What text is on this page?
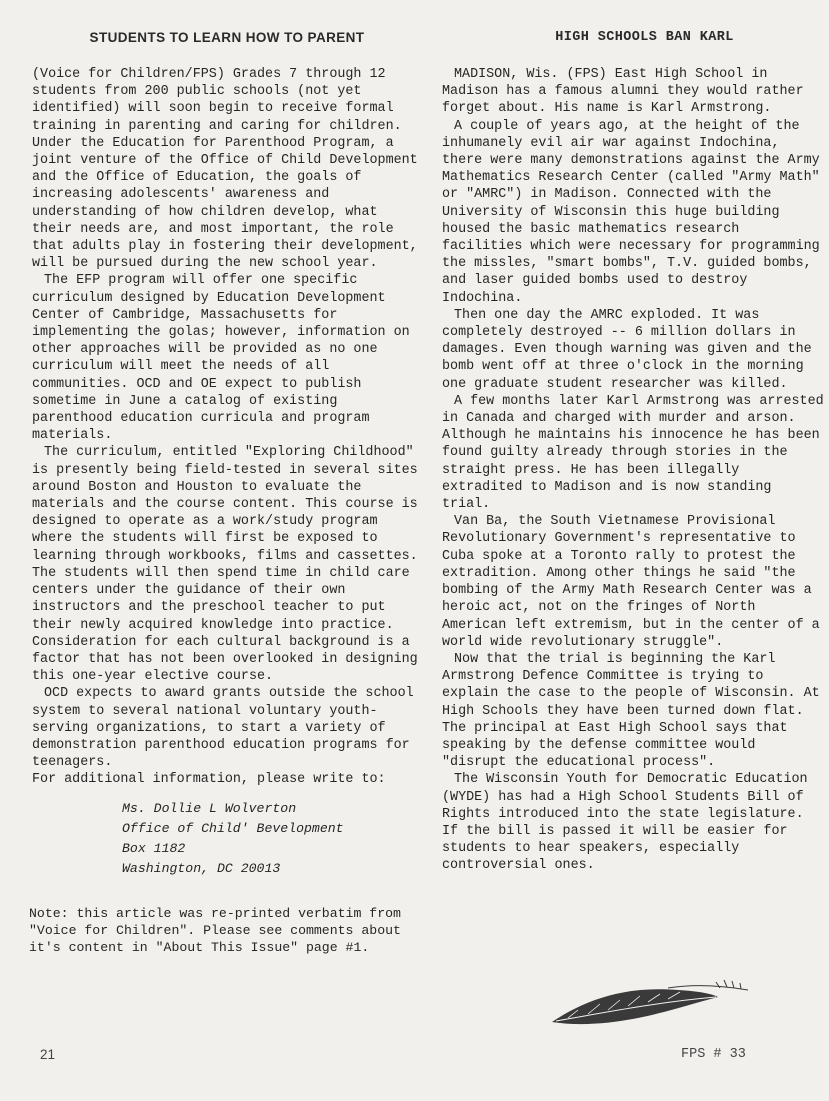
STUDENTS TO LEARN HOW TO PARENT

(Voice for Children/FPS) Grades 7 through 12 students from 200 public schools (not yet identified) will soon begin to receive formal training in parenting and caring for children. Under the Education for Parenthood Program, a joint venture of the Office of Child Development and the Office of Education, the goals of increasing adolescents' awareness and understanding of how children develop, what their needs are, and most important, the role that adults play in fostering their development, will be pursued during the new school year.

The EFP program will offer one specific curriculum designed by Education Development Center of Cambridge, Massachusetts for implementing the golas; however, information on other approaches will be provided as no one curriculum will meet the needs of all communities. OCD and OE expect to publish sometime in June a catalog of existing parenthood education curricula and program materials.

The curriculum, entitled "Exploring Childhood" is presently being field-tested in several sites around Boston and Houston to evaluate the materials and the course content. This course is designed to operate as a work/study program where the students will first be exposed to learning through workbooks, films and cassettes. The students will then spend time in child care centers under the guidance of their own instructors and the preschool teacher to put their newly acquired knowledge into practice. Consideration for each cultural background is a factor that has not been overlooked in designing this one-year elective course.

OCD expects to award grants outside the school system to several national voluntary youth-serving organizations, to start a variety of demonstration parenthood education programs for teenagers.

For additional information, please write to:

Ms. Dollie L Wolverton
Office of Child' Bevelopment
Box 1182
Washington, DC 20013

Note: this article was re-printed verbatim from "Voice for Children". Please see comments about it's content in "About This Issue" page #1.

HIGH SCHOOLS BAN KARL

MADISON, Wis. (FPS) East High School in Madison has a famous alumni they would rather forget about. His name is Karl Armstrong.

A couple of years ago, at the height of the inhumanely evil air war against Indochina, there were many demonstrations against the Army Mathematics Research Center (called "Army Math" or "AMRC") in Madison. Connected with the University of Wisconsin this huge building housed the basic mathematics research facilities which were necessary for programming the missles, "smart bombs", T.V. guided bombs, and laser guided bombs used to destroy Indochina.

Then one day the AMRC exploded. It was completely destroyed -- 6 million dollars in damages. Even though warning was given and the bomb went off at three o'clock in the morning one graduate student researcher was killed.

A few months later Karl Armstrong was arrested in Canada and charged with murder and arson. Although he maintains his innocence he has been found guilty already through stories in the straight press. He has been illegally extradited to Madison and is now standing trial.

Van Ba, the South Vietnamese Provisional Revolutionary Government's representative to Cuba spoke at a Toronto rally to protest the extradition. Among other things he said "the bombing of the Army Math Research Center was a heroic act, not on the fringes of North American left extremism, but in the center of a world wide revolutionary struggle".

Now that the trial is beginning the Karl Armstrong Defence Committee is trying to explain the case to the people of Wisconsin. At High Schools they have been turned down flat. The principal at East High School says that speaking by the defense committee would "disrupt the educational process".

The Wisconsin Youth for Democratic Education (WYDE) has had a High School Students Bill of Rights introduced into the state legislature. If the bill is passed it will be easier for students to hear speakers, especially controversial ones.

21	FPS # 33
